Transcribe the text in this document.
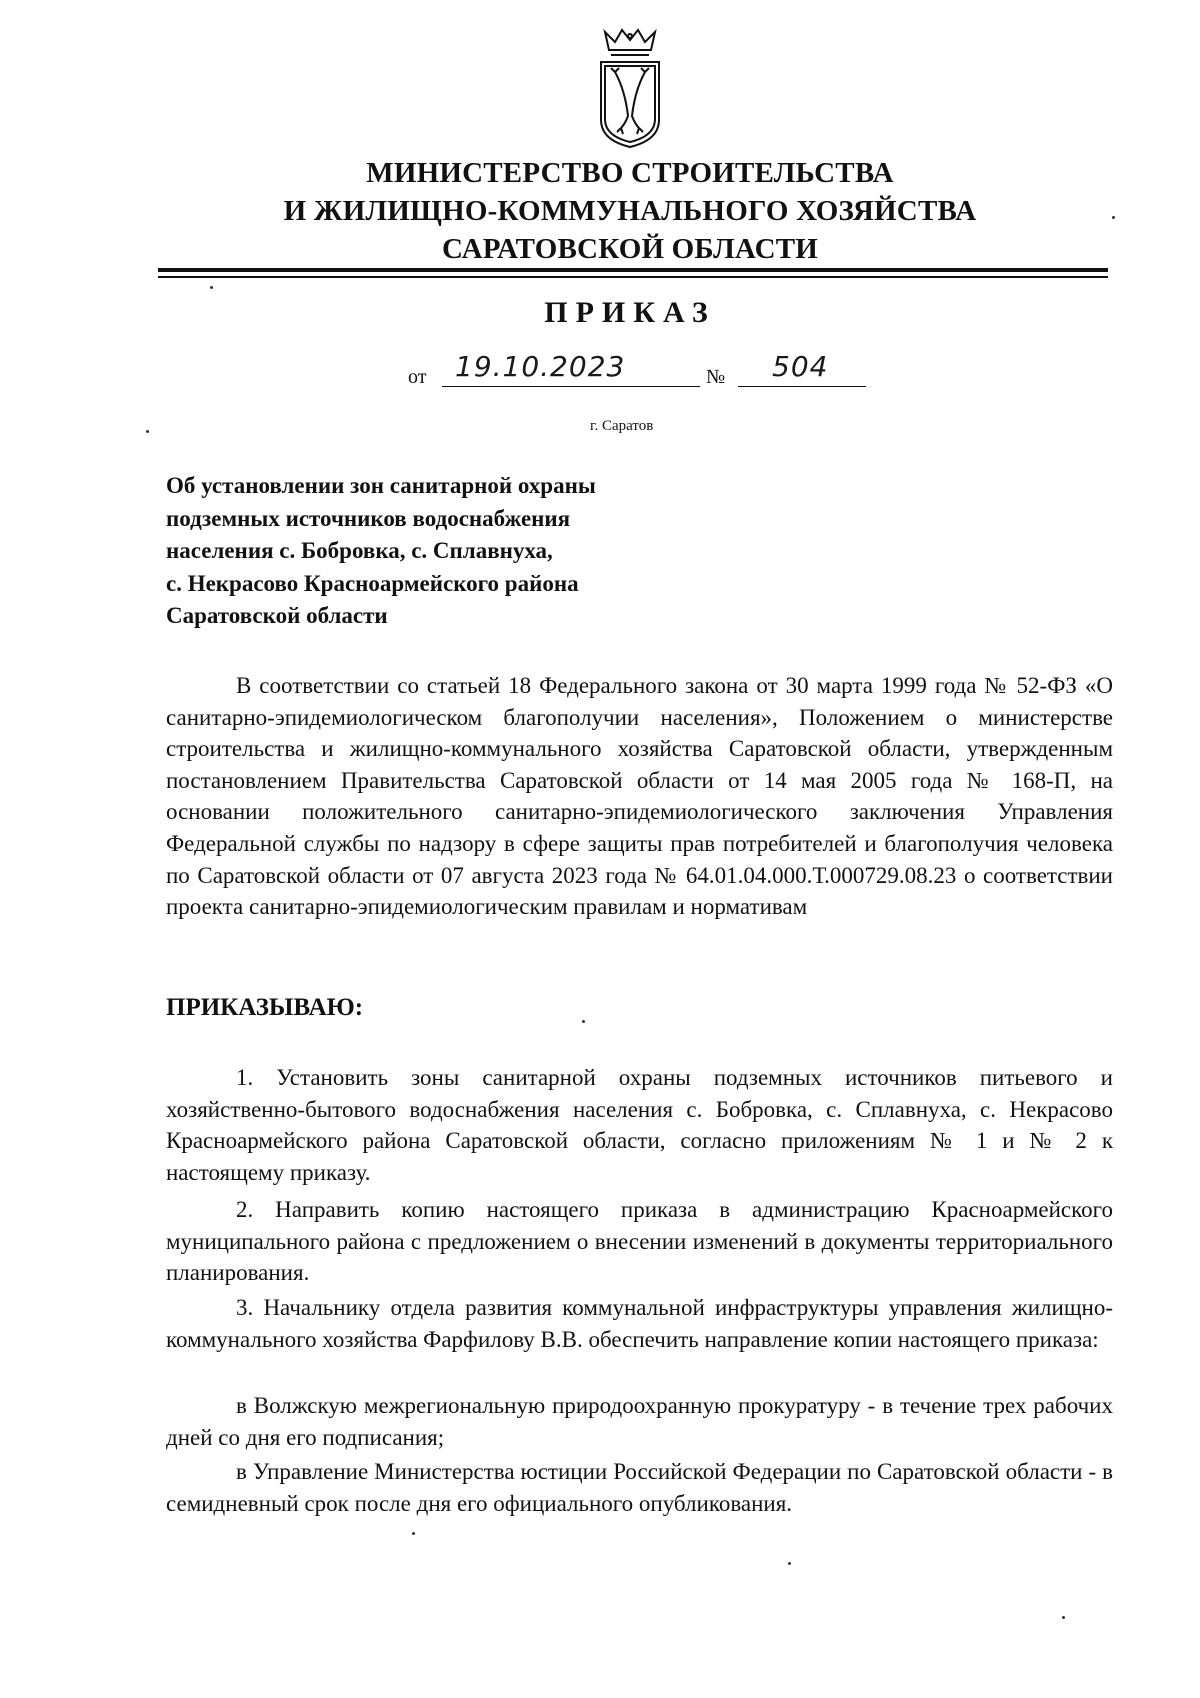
МИНИСТЕРСТВО СТРОИТЕЛЬСТВА
И ЖИЛИЩНО-КОММУНАЛЬНОГО ХОЗЯЙСТВА
САРАТОВСКОЙ ОБЛАСТИ
ПРИКАЗ
от 19.10.2023	№ 504
г. Саратов
Об установлении зон санитарной охраны
подземных источников водоснабжения
населения с. Бобровка, с. Сплавнуха,
с. Некрасово Красноармейского района
Саратовской области
В соответствии со статьей 18 Федерального закона от 30 марта 1999 года № 52-ФЗ «О санитарно-эпидемиологическом благополучии населения», Положением о министерстве строительства и жилищно-коммунального хозяйства Саратовской области, утвержденным постановлением Правительства Саратовской области от 14 мая 2005 года № 168-П, на основании положительного санитарно-эпидемиологического заключения Управления Федеральной службы по надзору в сфере защиты прав потребителей и благополучия человека по Саратовской области от 07 августа 2023 года № 64.01.04.000.Т.000729.08.23 о соответствии проекта санитарно-эпидемиологическим правилам и нормативам
ПРИКАЗЫВАЮ:
1. Установить зоны санитарной охраны подземных источников питьевого и хозяйственно-бытового водоснабжения населения с. Бобровка, с. Сплавнуха, с. Некрасово Красноармейского района Саратовской области, согласно приложениям № 1 и № 2 к настоящему приказу.
2. Направить копию настоящего приказа в администрацию Красноармейского муниципального района с предложением о внесении изменений в документы территориального планирования.
3. Начальнику отдела развития коммунальной инфраструктуры управления жилищно-коммунального хозяйства Фарфилову В.В. обеспечить направление копии настоящего приказа:
в Волжскую межрегиональную природоохранную прокуратуру - в течение трех рабочих дней со дня его подписания;
в Управление Министерства юстиции Российской Федерации по Саратовской области - в семидневный срок после дня его официального опубликования.
